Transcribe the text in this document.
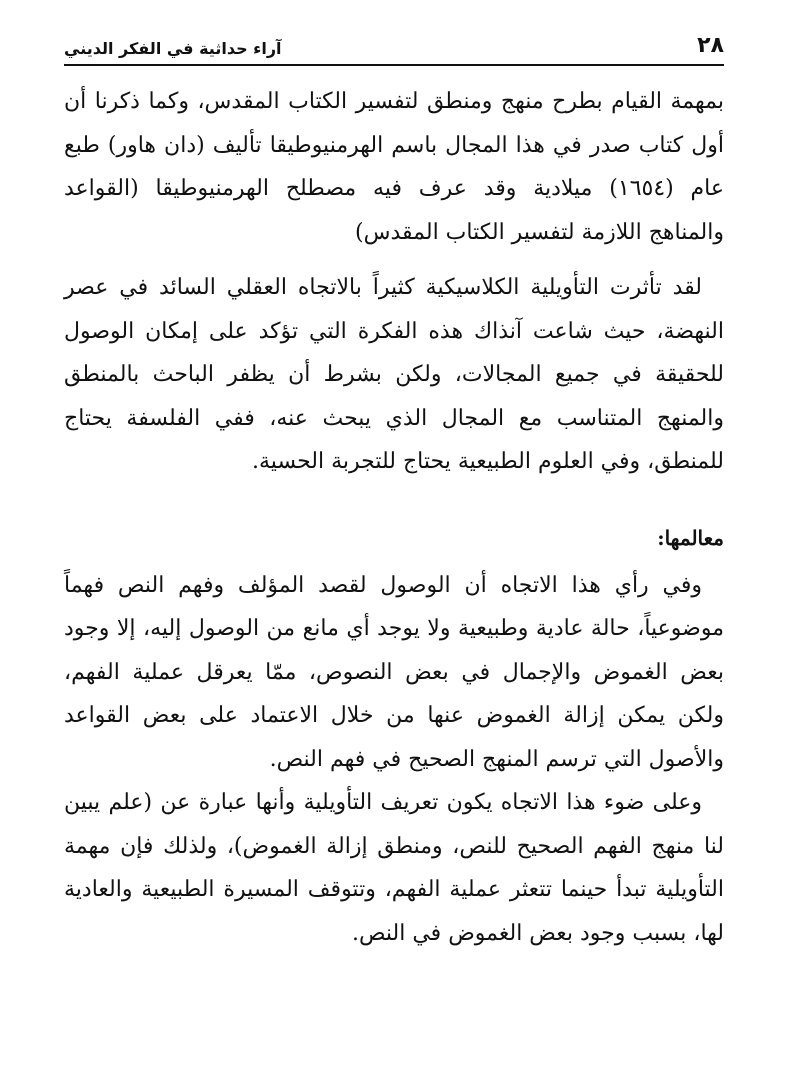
٢٨
آراء حداثية في الفكر الديني

بمهمة القيام بطرح منهج ومنطق لتفسير الكتاب المقدس، وكما ذكرنا أن أول كتاب صدر في هذا المجال باسم الهرمنيوطيقا تأليف (دان هاور) طبع عام (١٦٥٤) ميلادية وقد عرف فيه مصطلح الهرمنيوطيقا (القواعد والمناهج اللازمة لتفسير الكتاب المقدس)

لقد تأثرت التأويلية الكلاسيكية كثيراً بالاتجاه العقلي السائد في عصر النهضة، حيث شاعت آنذاك هذه الفكرة التي تؤكد على إمكان الوصول للحقيقة في جميع المجالات، ولكن بشرط أن يظفر الباحث بالمنطق والمنهج المتناسب مع المجال الذي يبحث عنه، ففي الفلسفة يحتاج للمنطق، وفي العلوم الطبيعية يحتاج للتجربة الحسية.

معالمها:

وفي رأي هذا الاتجاه أن الوصول لقصد المؤلف وفهم النص فهماً موضوعياً، حالة عادية وطبيعية ولا يوجد أي مانع من الوصول إليه، إلا وجود بعض الغموض والإجمال في بعض النصوص، ممّا يعرقل عملية الفهم، ولكن يمكن إزالة الغموض عنها من خلال الاعتماد على بعض القواعد والأصول التي ترسم المنهج الصحيح في فهم النص.

وعلى ضوء هذا الاتجاه يكون تعريف التأويلية وأنها عبارة عن (علم يبين لنا منهج الفهم الصحيح للنص، ومنطق إزالة الغموض)، ولذلك فإن مهمة التأويلية تبدأ حينما تتعثر عملية الفهم، وتتوقف المسيرة الطبيعية والعادية لها، بسبب وجود بعض الغموض في النص.
